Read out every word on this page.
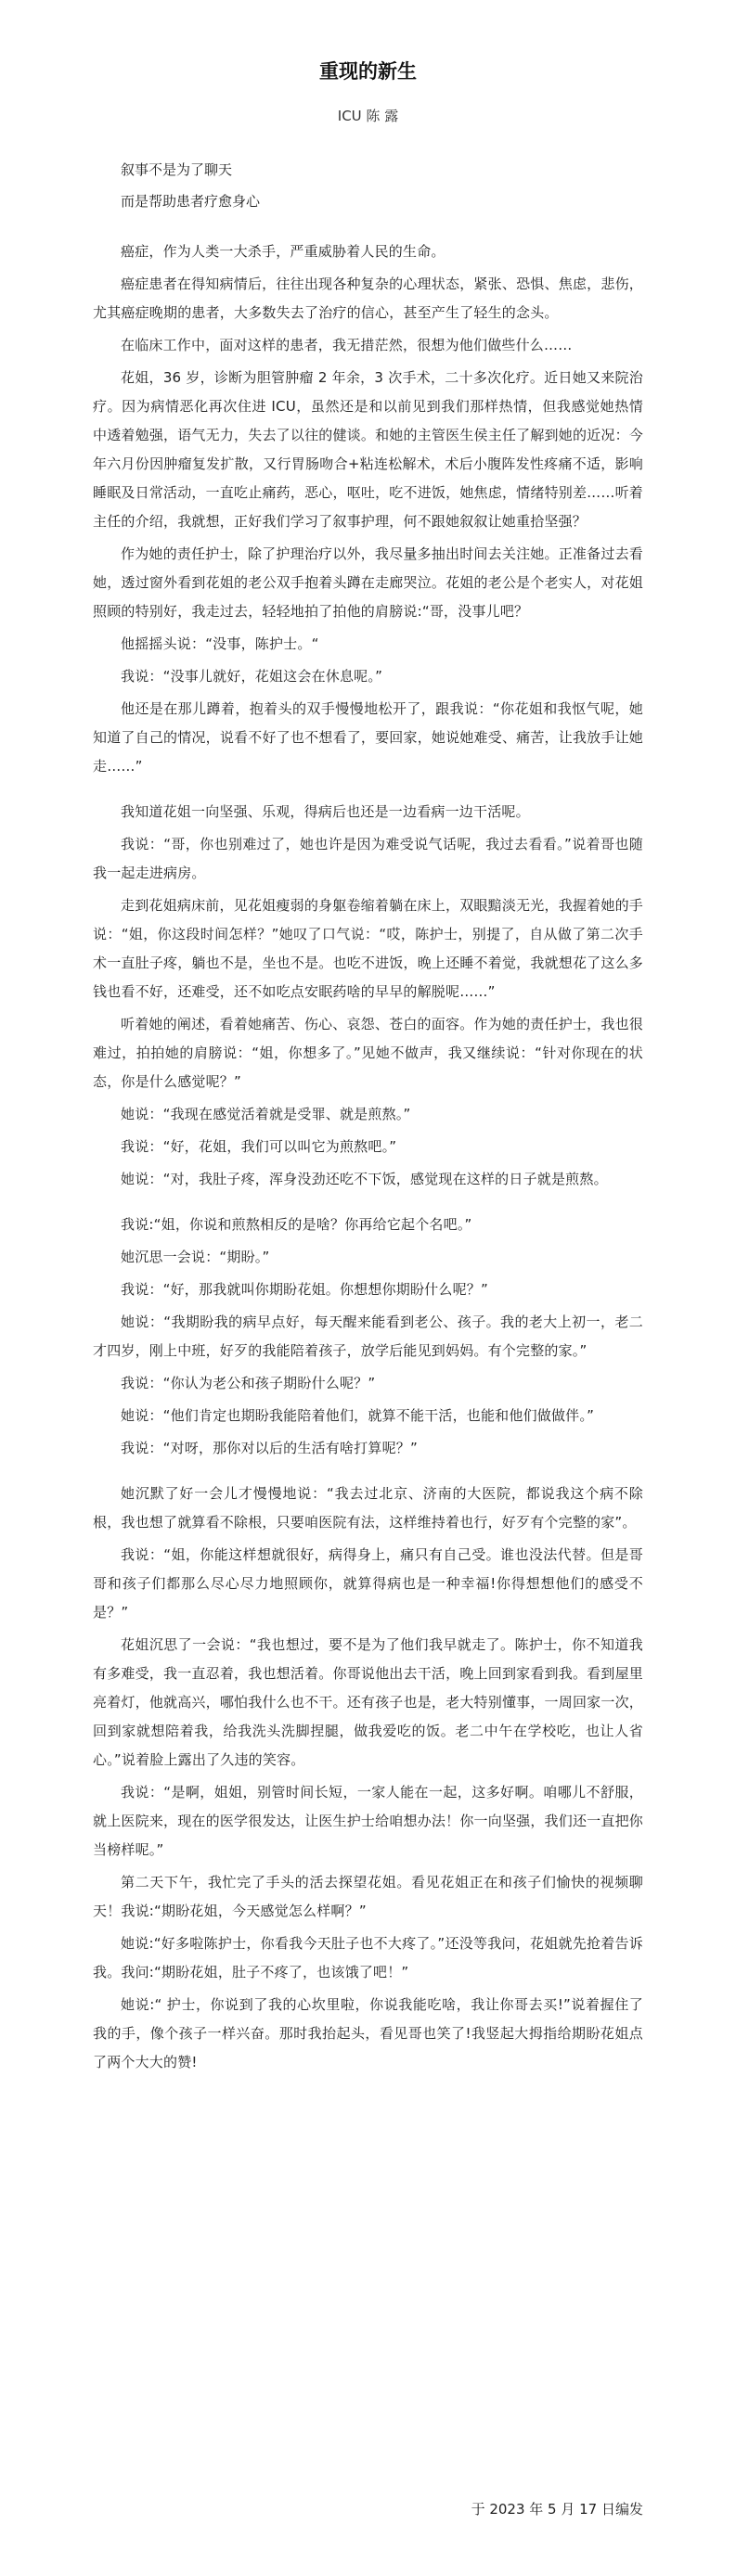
重现的新生
ICU 陈 露

叙事不是为了聊天

而是帮助患者疗愈身心

癌症，作为人类一大杀手，严重威胁着人民的生命。

癌症患者在得知病情后，往往出现各种复杂的心理状态，紧张、恐惧、焦虑，悲伤，尤其癌症晚期的患者，大多数失去了治疗的信心，甚至产生了轻生的念头。

在临床工作中，面对这样的患者，我无措茫然，很想为他们做些什么……

花姐，36 岁，诊断为胆管肿瘤 2 年余，3 次手术，二十多次化疗。近日她又来院治疗。因为病情恶化再次住进 ICU，虽然还是和以前见到我们那样热情，但我感觉她热情中透着勉强，语气无力，失去了以往的健谈。和她的主管医生侯主任了解到她的近况：今年六月份因肿瘤复发扩散，又行胃肠吻合+粘连松解术，术后小腹阵发性疼痛不适，影响睡眠及日常活动，一直吃止痛药，恶心，呕吐，吃不进饭，她焦虑，情绪特别差……听着主任的介绍，我就想，正好我们学习了叙事护理，何不跟她叙叙让她重拾坚强？

作为她的责任护士，除了护理治疗以外，我尽量多抽出时间去关注她。正准备过去看她，透过窗外看到花姐的老公双手抱着头蹲在走廊哭泣。花姐的老公是个老实人，对花姐照顾的特别好，我走过去，轻轻地拍了拍他的肩膀说:“哥，没事儿吧？

他摇摇头说：“没事，陈护士。“

我说：“没事儿就好，花姐这会在休息呢。”

他还是在那儿蹲着，抱着头的双手慢慢地松开了，跟我说：“你花姐和我怄气呢，她知道了自己的情况，说看不好了也不想看了，要回家，她说她难受、痛苦，让我放手让她走……”

我知道花姐一向坚强、乐观，得病后也还是一边看病一边干活呢。

我说：“哥，你也别难过了，她也许是因为难受说气话呢，我过去看看。”说着哥也随我一起走进病房。

走到花姐病床前，见花姐瘦弱的身躯卷缩着躺在床上，双眼黯淡无光，我握着她的手说：“姐，你这段时间怎样？”她叹了口气说：“哎，陈护士，别提了，自从做了第二次手术一直肚子疼，躺也不是，坐也不是。也吃不进饭，晚上还睡不着觉，我就想花了这么多钱也看不好，还难受，还不如吃点安眠药啥的早早的解脱呢……”

听着她的阐述，看着她痛苦、伤心、哀怨、苍白的面容。作为她的责任护士，我也很难过，拍拍她的肩膀说：“姐，你想多了。”见她不做声，我又继续说：“针对你现在的状态，你是什么感觉呢？”

她说：“我现在感觉活着就是受罪、就是煎熬。”

我说：“好，花姐，我们可以叫它为煎熬吧。”

她说：“对，我肚子疼，浑身没劲还吃不下饭，感觉现在这样的日子就是煎熬。

我说:“姐，你说和煎熬相反的是啥？你再给它起个名吧。”

她沉思一会说：“期盼。”

我说：“好，那我就叫你期盼花姐。你想想你期盼什么呢？”

她说：“我期盼我的病早点好，每天醒来能看到老公、孩子。我的老大上初一，老二才四岁，刚上中班，好歹的我能陪着孩子，放学后能见到妈妈。有个完整的家。”

我说：“你认为老公和孩子期盼什么呢？”

她说：“他们肯定也期盼我能陪着他们，就算不能干活，也能和他们做做伴。”

我说：“对呀，那你对以后的生活有啥打算呢？”

她沉默了好一会儿才慢慢地说：“我去过北京、济南的大医院，都说我这个病不除根，我也想了就算看不除根，只要咱医院有法，这样维持着也行，好歹有个完整的家”。

我说：“姐，你能这样想就很好，病得身上，痛只有自己受。谁也没法代替。但是哥哥和孩子们都那么尽心尽力地照顾你，就算得病也是一种幸福!你得想想他们的感受不是？”

花姐沉思了一会说：“我也想过，要不是为了他们我早就走了。陈护士，你不知道我有多难受，我一直忍着，我也想活着。你哥说他出去干活，晚上回到家看到我。看到屋里亮着灯，他就高兴，哪怕我什么也不干。还有孩子也是，老大特别懂事，一周回家一次，回到家就想陪着我，给我洗头洗脚捏腿，做我爱吃的饭。老二中午在学校吃，也让人省心。”说着脸上露出了久违的笑容。

我说：“是啊，姐姐，别管时间长短，一家人能在一起，这多好啊。咱哪儿不舒服，就上医院来，现在的医学很发达，让医生护士给咱想办法！你一向坚强，我们还一直把你当榜样呢。”

第二天下午，我忙完了手头的活去探望花姐。看见花姐正在和孩子们愉快的视频聊天！我说:“期盼花姐，今天感觉怎么样啊？”

她说:“好多啦陈护士，你看我今天肚子也不大疼了。”还没等我问，花姐就先抢着告诉我。我问:“期盼花姐，肚子不疼了，也该饿了吧！”

她说:“ 护士，你说到了我的心坎里啦，你说我能吃啥，我让你哥去买!”说着握住了我的手，像个孩子一样兴奋。那时我抬起头，看见哥也笑了!我竖起大拇指给期盼花姐点了两个大大的赞!

于 2023 年 5 月 17 日编发
